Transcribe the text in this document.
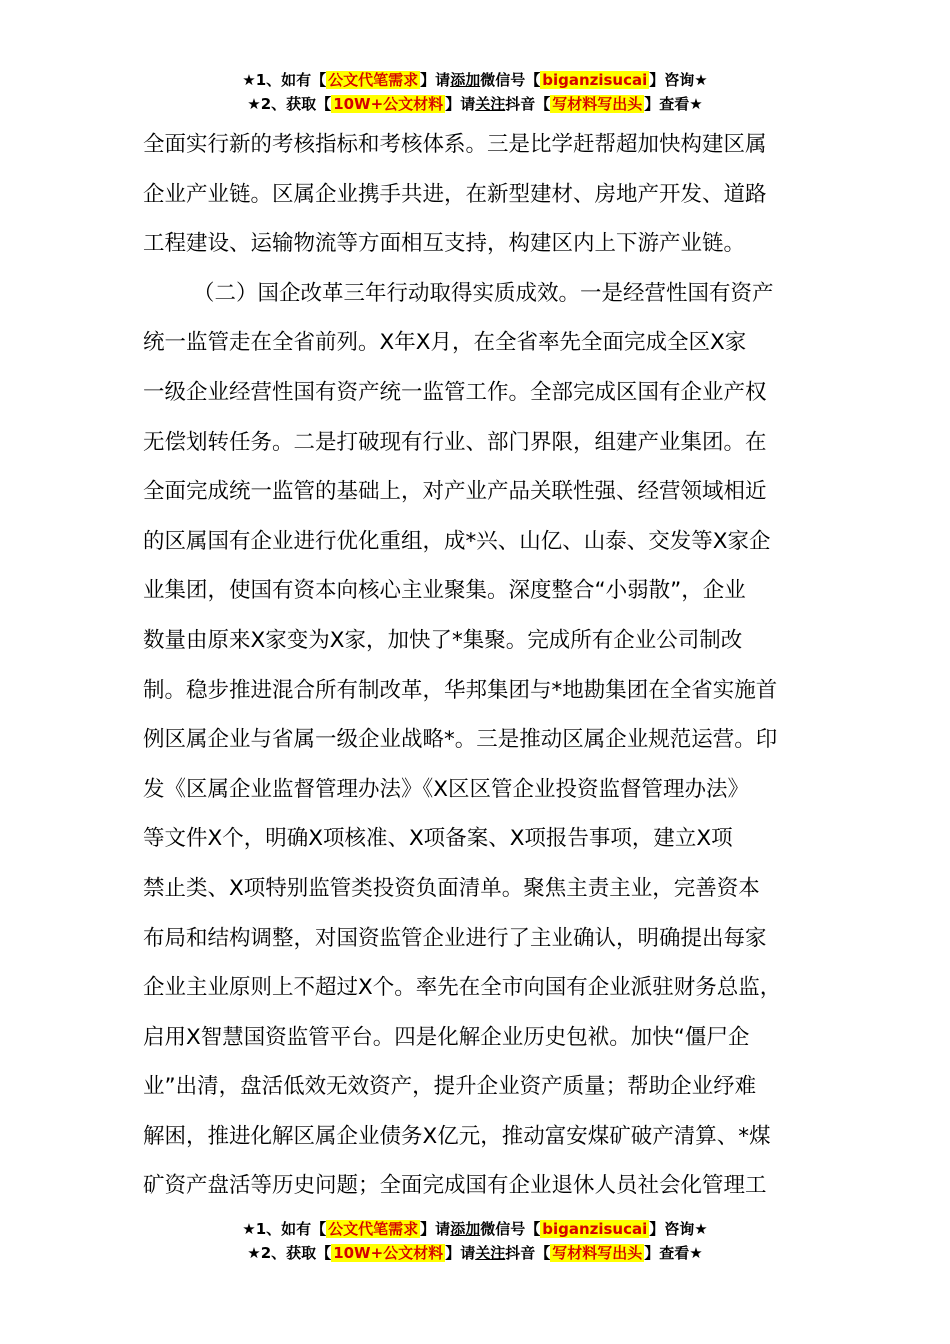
★1、如有【 公文代笔需求 】请添加微信号【 biganzisucai 】咨询★
★2、获取【 10W+公文材料 】请关注抖音【 写材料写出头 】查看★
全面实行新的考核指标和考核体系。三是比学赶帮超加快构建区属
企业产业链。区属企业携手共进，在新型建材、房地产开发、道路
工程建设、运输物流等方面相互支持，构建区内上下游产业链。
（二）国企改革三年行动取得实质成效。一是经营性国有资产
统一监管走在全省前列。X年X月，在全省率先全面完成全区X家
一级企业经营性国有资产统一监管工作。全部完成区国有企业产权
无偿划转任务。二是打破现有行业、部门界限，组建产业集团。在
全面完成统一监管的基础上，对产业产品关联性强、经营领域相近
的区属国有企业进行优化重组，成*兴、山亿、山泰、交发等X家企
业集团，使国有资本向核心主业聚集。深度整合“小弱散”，企业
数量由原来X家变为X家，加快了*集聚。完成所有企业公司制改
制。稳步推进混合所有制改革，华邦集团与*地勘集团在全省实施首
例区属企业与省属一级企业战略*。三是推动区属企业规范运营。印
发《区属企业监督管理办法》《X区区管企业投资监督管理办法》
等文件X个，明确X项核准、X项备案、X项报告事项，建立X项
禁止类、X项特别监管类投资负面清单。聚焦主责主业，完善资本
布局和结构调整，对国资监管企业进行了主业确认，明确提出每家
企业主业原则上不超过X个。率先在全市向国有企业派驻财务总监，
启用X智慧国资监管平台。四是化解企业历史包袱。加快“僵尸企
业”出清，盘活低效无效资产，提升企业资产质量；帮助企业纾难
解困，推进化解区属企业债务X亿元，推动富安煤矿破产清算、*煤
矿资产盘活等历史问题；全面完成国有企业退休人员社会化管理工
★1、如有【 公文代笔需求 】请添加微信号【 biganzisucai 】咨询★
★2、获取【 10W+公文材料 】请关注抖音【 写材料写出头 】查看★
